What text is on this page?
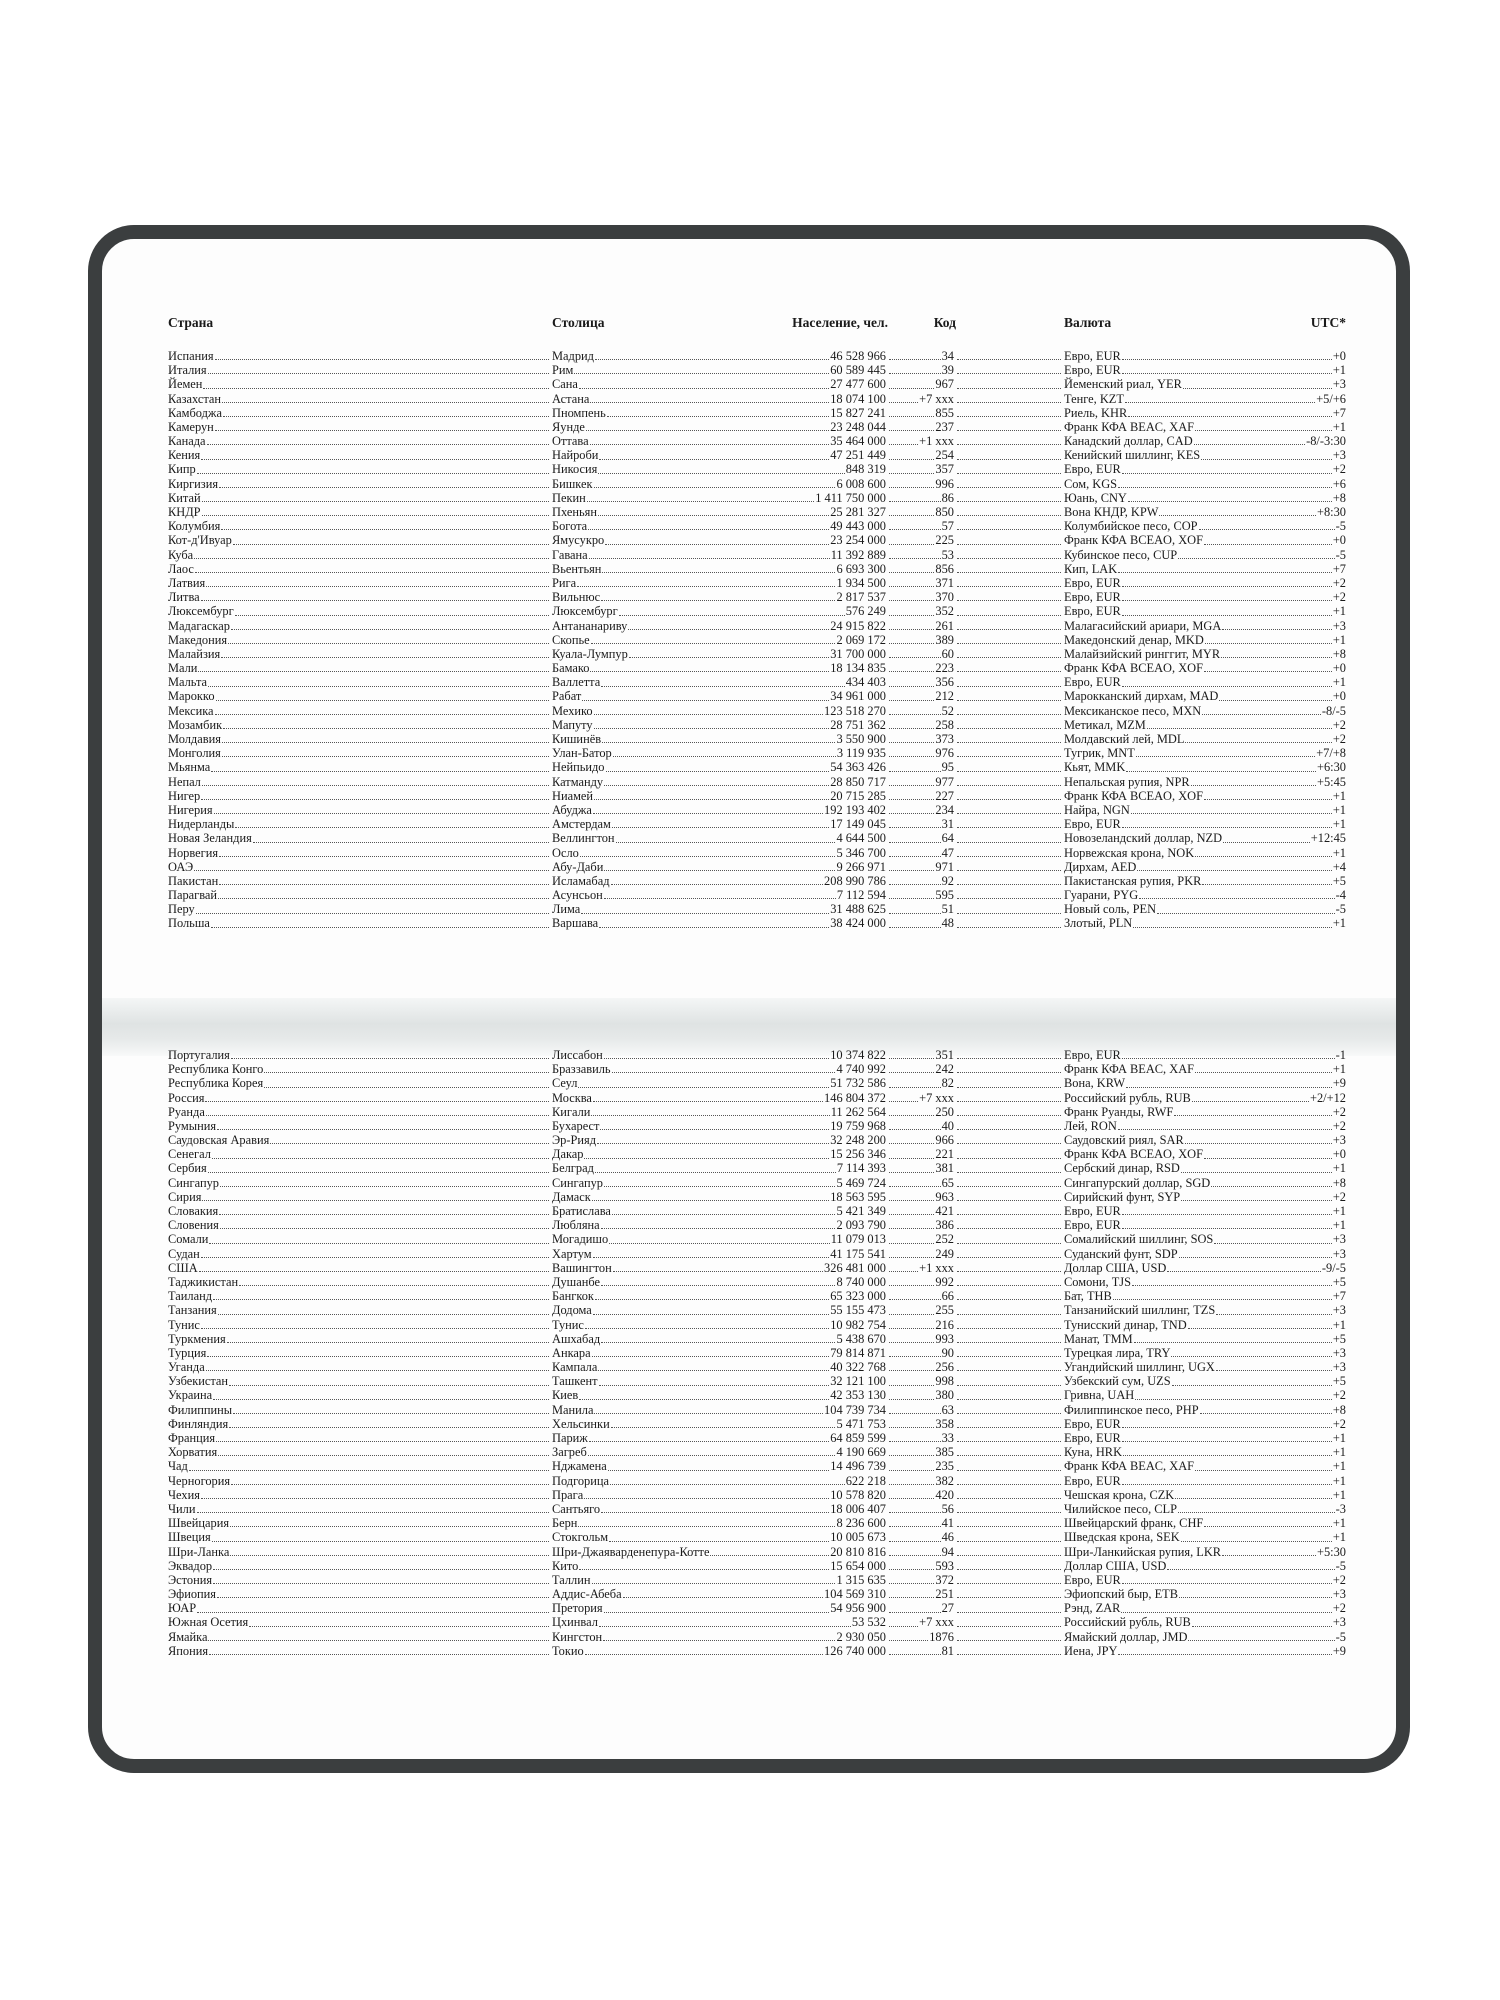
Страна	Столица	Население, чел.	Код	Валюта	UTC*
Испания	Мадрид	46 528 966	34	Евро, EUR	+0
Италия	Рим	60 589 445	39	Евро, EUR	+1
Йемен	Сана	27 477 600	967	Йеменский риал, YER	+3
Казахстан	Астана	18 074 100	+7 xxx	Тенге, KZT	+5/+6
Камбоджа	Пномпень	15 827 241	855	Риель, KHR	+7
Камерун	Яунде	23 248 044	237	Франк КФА BEAC, XAF	+1
Канада	Оттава	35 464 000	+1 xxx	Канадский доллар, CAD	-8/-3:30
Кения	Найроби	47 251 449	254	Кенийский шиллинг, KES	+3
Кипр	Никосия	848 319	357	Евро, EUR	+2
Киргизия	Бишкек	6 008 600	996	Сом, KGS	+6
Китай	Пекин	1 411 750 000	86	Юань, CNY	+8
КНДР	Пхеньян	25 281 327	850	Вона КНДР, KPW	+8:30
Колумбия	Богота	49 443 000	57	Колумбийское песо, COP	-5
Кот-д'Ивуар	Ямусукро	23 254 000	225	Франк КФА BCEAO, XOF	+0
Куба	Гавана	11 392 889	53	Кубинское песо, CUP	-5
Лаос	Вьентьян	6 693 300	856	Кип, LAK	+7
Латвия	Рига	1 934 500	371	Евро, EUR	+2
Литва	Вильнюс	2 817 537	370	Евро, EUR	+2
Люксембург	Люксембург	576 249	352	Евро, EUR	+1
Мадагаскар	Антананариву	24 915 822	261	Малагасийский ариари, MGA	+3
Македония	Скопье	2 069 172	389	Македонский денар, MKD	+1
Малайзия	Куала-Лумпур	31 700 000	60	Малайзийский ринггит, MYR	+8
Мали	Бамако	18 134 835	223	Франк КФА BCEAO, XOF	+0
Мальта	Валлетта	434 403	356	Евро, EUR	+1
Марокко	Рабат	34 961 000	212	Марокканский дирхам, MAD	+0
Мексика	Мехико	123 518 270	52	Мексиканское песо, MXN	-8/-5
Мозамбик	Мапуту	28 751 362	258	Метикал, MZM	+2
Молдавия	Кишинёв	3 550 900	373	Молдавский лей, MDL	+2
Монголия	Улан-Батор	3 119 935	976	Тугрик, MNT	+7/+8
Мьянма	Нейпьидо	54 363 426	95	Кьят, MMK	+6:30
Непал	Катманду	28 850 717	977	Непальская рупия, NPR	+5:45
Нигер	Ниамей	20 715 285	227	Франк КФА BCEAO, XOF	+1
Нигерия	Абуджа	192 193 402	234	Найра, NGN	+1
Нидерланды	Амстердам	17 149 045	31	Евро, EUR	+1
Новая Зеландия	Веллингтон	4 644 500	64	Новозеландский доллар, NZD	+12:45
Норвегия	Осло	5 346 700	47	Норвежская крона, NOK	+1
ОАЭ	Абу-Даби	9 266 971	971	Дирхам, AED	+4
Пакистан	Исламабад	208 990 786	92	Пакистанская рупия, PKR	+5
Парагвай	Асунсьон	7 112 594	595	Гуарани, PYG	-4
Перу	Лима	31 488 625	51	Новый соль, PEN	-5
Польша	Варшава	38 424 000	48	Злотый, PLN	+1
Португалия	Лиссабон	10 374 822	351	Евро, EUR	-1
Республика Конго	Браззавиль	4 740 992	242	Франк КФА BEAC, XAF	+1
Республика Корея	Сеул	51 732 586	82	Вона, KRW	+9
Россия	Москва	146 804 372	+7 xxx	Российский рубль, RUB	+2/+12
Руанда	Кигали	11 262 564	250	Франк Руанды, RWF	+2
Румыния	Бухарест	19 759 968	40	Лей, RON	+2
Саудовская Аравия	Эр-Рияд	32 248 200	966	Саудовский риял, SAR	+3
Сенегал	Дакар	15 256 346	221	Франк КФА BCEAO, XOF	+0
Сербия	Белград	7 114 393	381	Сербский динар, RSD	+1
Сингапур	Сингапур	5 469 724	65	Сингапурский доллар, SGD	+8
Сирия	Дамаск	18 563 595	963	Сирийский фунт, SYP	+2
Словакия	Братислава	5 421 349	421	Евро, EUR	+1
Словения	Любляна	2 093 790	386	Евро, EUR	+1
Сомали	Могадишо	11 079 013	252	Сомалийский шиллинг, SOS	+3
Судан	Хартум	41 175 541	249	Суданский фунт, SDP	+3
США	Вашингтон	326 481 000	+1 xxx	Доллар США, USD	-9/-5
Таджикистан	Душанбе	8 740 000	992	Сомони, TJS	+5
Таиланд	Бангкок	65 323 000	66	Бат, THB	+7
Танзания	Додома	55 155 473	255	Танзанийский шиллинг, TZS	+3
Тунис	Тунис	10 982 754	216	Тунисский динар, TND	+1
Туркмения	Ашхабад	5 438 670	993	Манат, TMM	+5
Турция	Анкара	79 814 871	90	Турецкая лира, TRY	+3
Уганда	Кампала	40 322 768	256	Угандийский шиллинг, UGX	+3
Узбекистан	Ташкент	32 121 100	998	Узбекский сум, UZS	+5
Украина	Киев	42 353 130	380	Гривна, UAH	+2
Филиппины	Манила	104 739 734	63	Филиппинское песо, PHP	+8
Финляндия	Хельсинки	5 471 753	358	Евро, EUR	+2
Франция	Париж	64 859 599	33	Евро, EUR	+1
Хорватия	Загреб	4 190 669	385	Куна, HRK	+1
Чад	Нджамена	14 496 739	235	Франк КФА BEAC, XAF	+1
Черногория	Подгорица	622 218	382	Евро, EUR	+1
Чехия	Прага	10 578 820	420	Чешская крона, CZK	+1
Чили	Сантьяго	18 006 407	56	Чилийское песо, CLP	-3
Швейцария	Берн	8 236 600	41	Швейцарский франк, CHF	+1
Швеция	Стокгольм	10 005 673	46	Шведская крона, SEK	+1
Шри-Ланка	Шри-Джаяварденепура-Котте	20 810 816	94	Шри-Ланкийская рупия, LKR	+5:30
Эквадор	Кито	15 654 000	593	Доллар США, USD	-5
Эстония	Таллин	1 315 635	372	Евро, EUR	+2
Эфиопия	Аддис-Абеба	104 569 310	251	Эфиопский быр, ETB	+3
ЮАР	Претория	54 956 900	27	Рэнд, ZAR	+2
Южная Осетия	Цхинвал	53 532	+7 xxx	Российский рубль, RUB	+3
Ямайка	Кингстон	2 930 050	1876	Ямайский доллар, JMD	-5
Япония	Токио	126 740 000	81	Иена, JPY	+9
